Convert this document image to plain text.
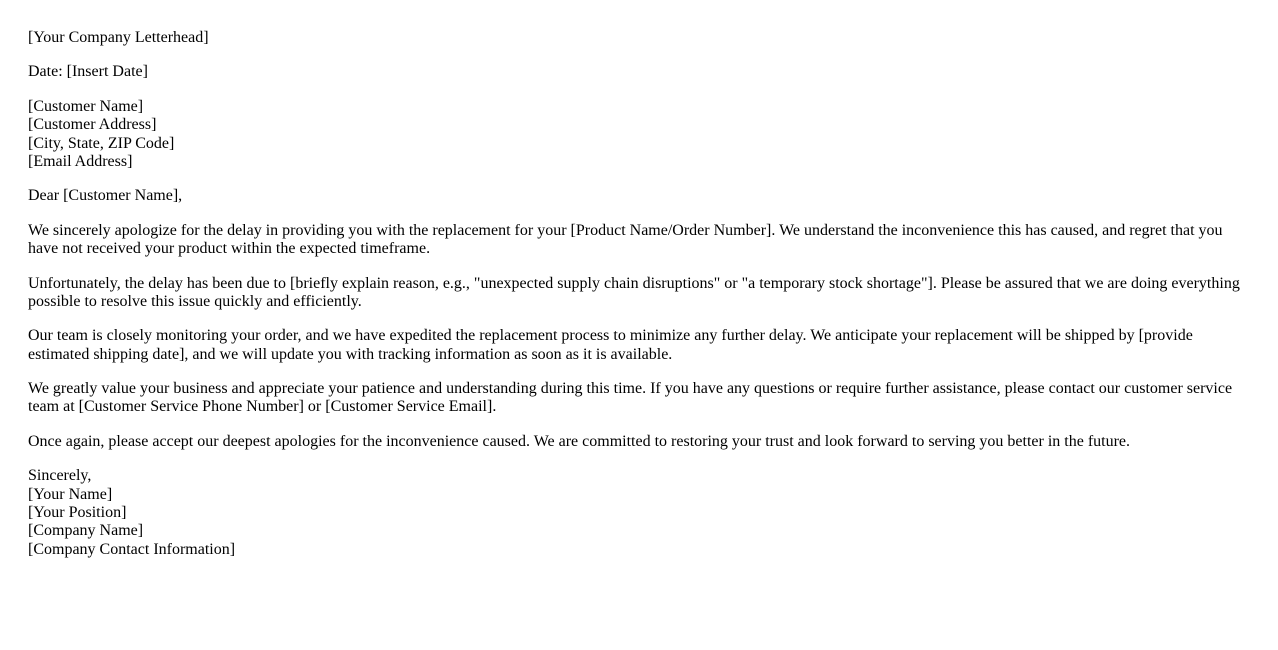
[Your Company Letterhead]
Date: [Insert Date]
[Customer Name]
[Customer Address]
[City, State, ZIP Code]
[Email Address]
Dear [Customer Name],
We sincerely apologize for the delay in providing you with the replacement for your [Product Name/Order Number]. We understand the inconvenience this has caused, and regret that you have not received your product within the expected timeframe.
Unfortunately, the delay has been due to [briefly explain reason, e.g., "unexpected supply chain disruptions" or "a temporary stock shortage"]. Please be assured that we are doing everything possible to resolve this issue quickly and efficiently.
Our team is closely monitoring your order, and we have expedited the replacement process to minimize any further delay. We anticipate your replacement will be shipped by [provide estimated shipping date], and we will update you with tracking information as soon as it is available.
We greatly value your business and appreciate your patience and understanding during this time. If you have any questions or require further assistance, please contact our customer service team at [Customer Service Phone Number] or [Customer Service Email].
Once again, please accept our deepest apologies for the inconvenience caused. We are committed to restoring your trust and look forward to serving you better in the future.
Sincerely,
[Your Name]
[Your Position]
[Company Name]
[Company Contact Information]
